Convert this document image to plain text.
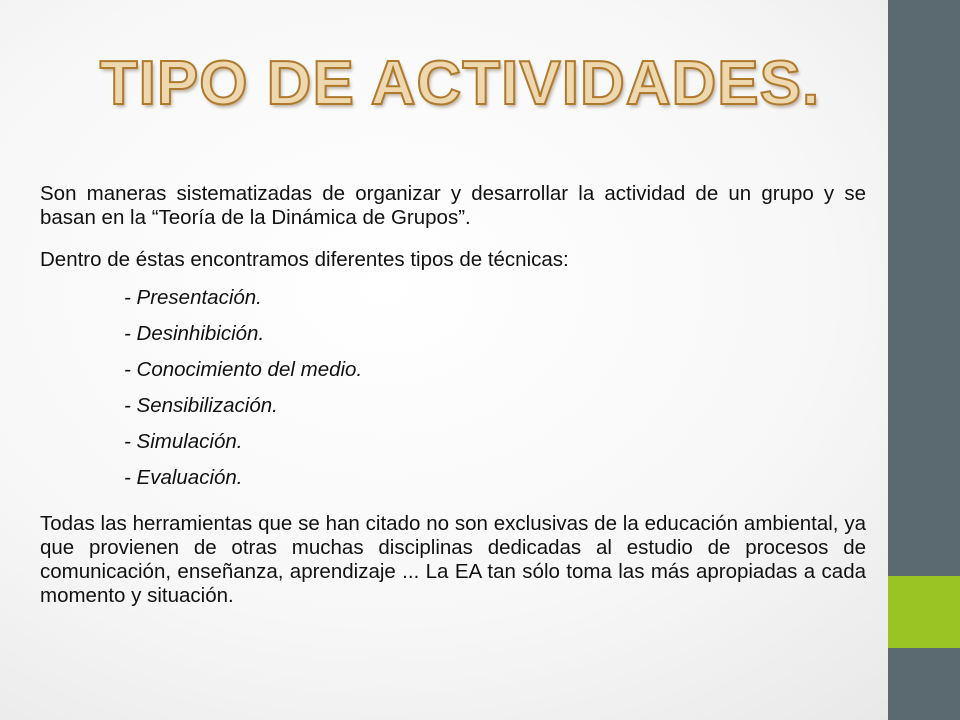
TIPO DE ACTIVIDADES.

Son maneras sistematizadas de organizar y desarrollar la actividad de un grupo y se basan en la “Teoría de la Dinámica de Grupos”.

Dentro de éstas encontramos diferentes tipos de técnicas:

- Presentación.
- Desinhibición.
- Conocimiento del medio.
- Sensibilización.
- Simulación.
- Evaluación.

Todas las herramientas que se han citado no son exclusivas de la educación ambiental, ya que provienen de otras muchas disciplinas dedicadas al estudio de procesos de comunicación, enseñanza, aprendizaje ... La EA tan sólo toma las más apropiadas a cada momento y situación.
